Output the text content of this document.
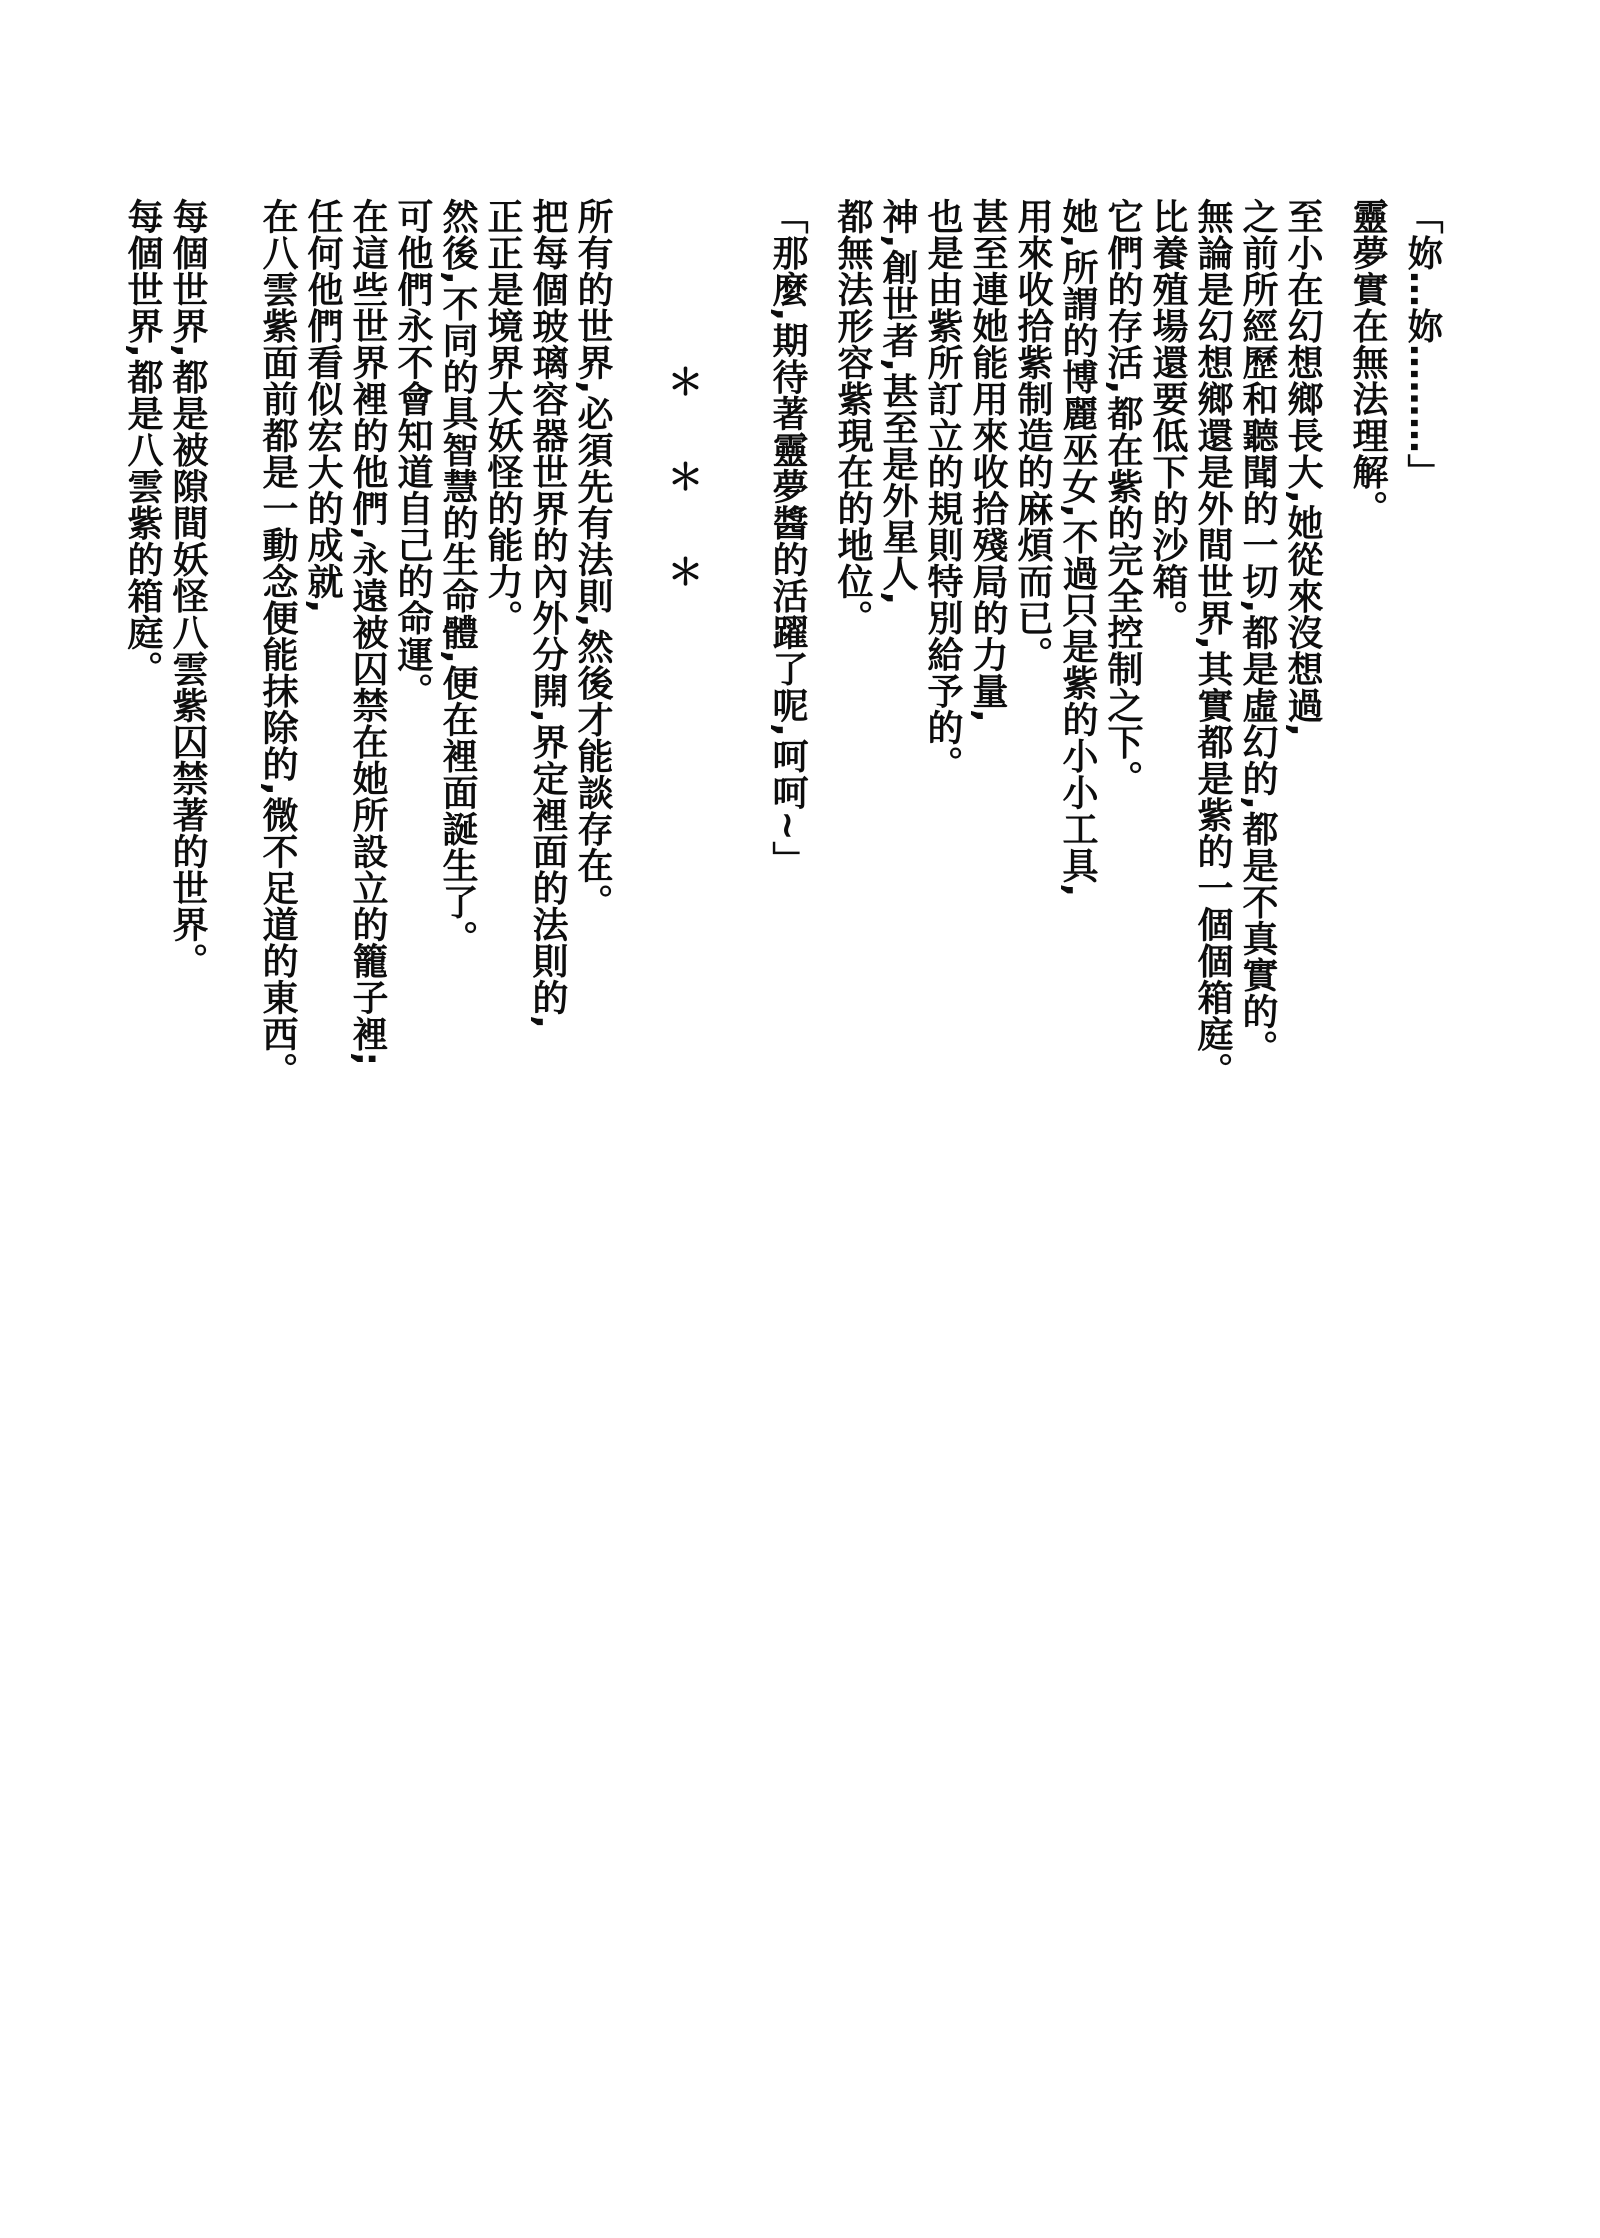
「妳…妳………」

靈夢實在無法理解。

至小在幻想鄉長大,她從來沒想過,
之前所經歷和聽聞的一切,都是虛幻的,都是不真實的。
無論是幻想鄉還是外間世界,其實都是紫的一個個箱庭。
比養殖場還要低下的沙箱。
它們的存活,都在紫的完全控制之下。
她,所謂的博麗巫女,不過只是紫的小小工具,
用來收拾紫制造的麻煩而已。
甚至連她能用來收拾殘局的力量,
也是由紫所訂立的規則特別給予的。
神,創世者,甚至是外星人,
都無法形容紫現在的地位。

「那麼,期待著靈夢醬的活躍了呢,呵呵~」

＊＊＊

所有的世界,必須先有法則,然後才能談存在。
把每個玻璃容器世界的內外分開,界定裡面的法則的,
正正是境界大妖怪的能力。
然後,不同的具智慧的生命體,便在裡面誕生了。
可他們永不會知道自己的命運。
在這些世界裡的他們,永遠被囚禁在她所設立的籠子裡;
任何他們看似宏大的成就,
在八雲紫面前都是一動念便能抹除的,微不足道的東西。

每個世界,都是被隙間妖怪八雲紫囚禁著的世界。
每個世界,都是八雲紫的箱庭。
